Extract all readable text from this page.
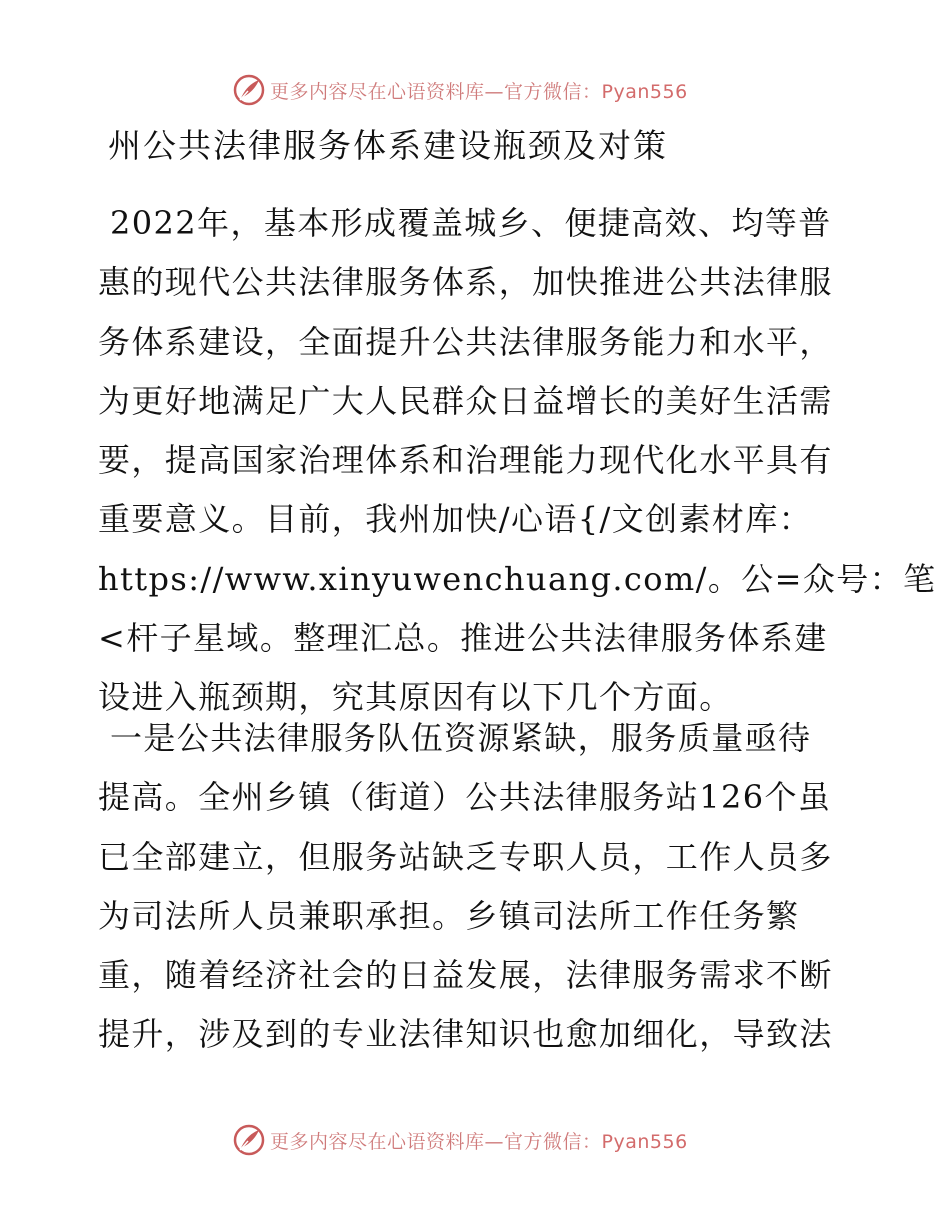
更多内容尽在心语资料库—官方微信：Pyan556
州公共法律服务体系建设瓶颈及对策
2022年，基本形成覆盖城乡、便捷高效、均等普
惠的现代公共法律服务体系，加快推进公共法律服
务体系建设，全面提升公共法律服务能力和水平，
为更好地满足广大人民群众日益增长的美好生活需
要，提高国家治理体系和治理能力现代化水平具有
重要意义。目前，我州加快/心语{/文创素材库：
https://www.xinyuwenchuang.com/。公=众号：笔
<杆子星域。整理汇总。推进公共法律服务体系建
设进入瓶颈期，究其原因有以下几个方面。
一是公共法律服务队伍资源紧缺，服务质量亟待
提高。全州乡镇（街道）公共法律服务站126个虽
已全部建立，但服务站缺乏专职人员，工作人员多
为司法所人员兼职承担。乡镇司法所工作任务繁
重，随着经济社会的日益发展，法律服务需求不断
提升，涉及到的专业法律知识也愈加细化，导致法
更多内容尽在心语资料库—官方微信：Pyan556
